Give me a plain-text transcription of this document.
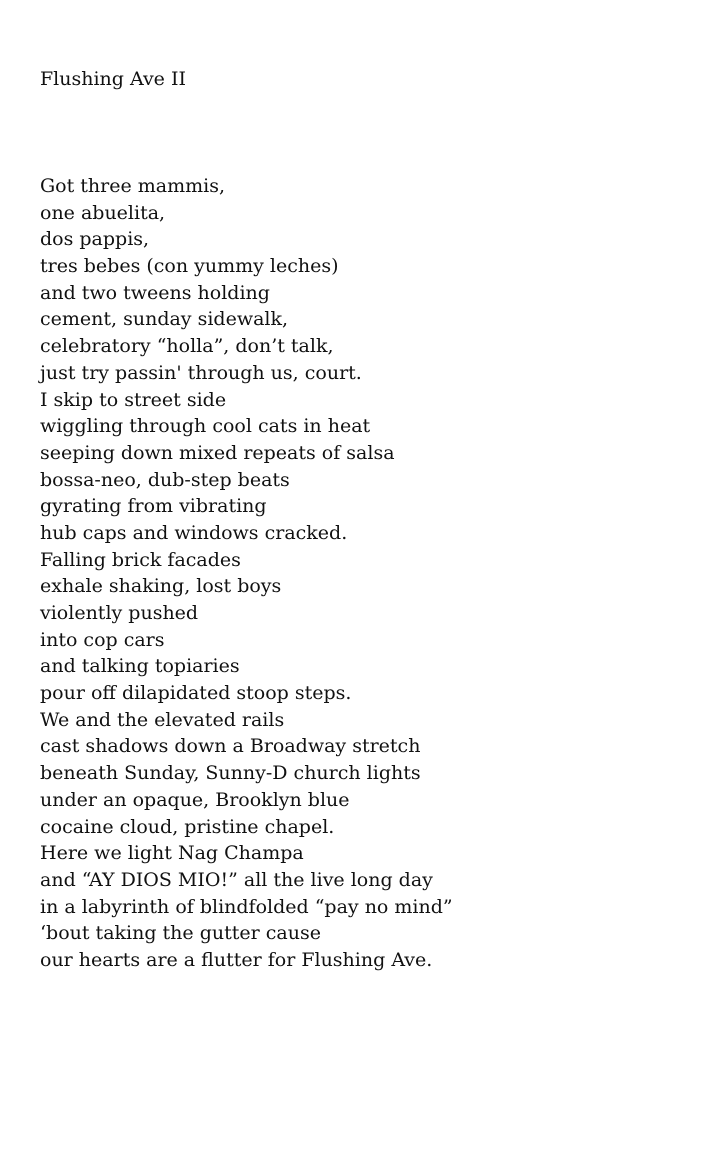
Flushing Ave II
Got three mammis,
one abuelita,
dos pappis,
tres bebes (con yummy leches)
and two tweens holding
cement, sunday sidewalk,
celebratory “holla”, don’t talk,
just try passin' through us, court.
I skip to street side
wiggling through cool cats in heat
seeping down mixed repeats of salsa
bossa-neo, dub-step beats
gyrating from vibrating
hub caps and windows cracked.
Falling brick facades
exhale shaking, lost boys
violently pushed
into cop cars
and talking topiaries
pour off dilapidated stoop steps.
We and the elevated rails
cast shadows down a Broadway stretch
beneath Sunday, Sunny-D church lights
under an opaque, Brooklyn blue
cocaine cloud, pristine chapel.
Here we light Nag Champa
and “AY DIOS MIO!” all the live long day
in a labyrinth of blindfolded “pay no mind”
‘bout taking the gutter cause
our hearts are a flutter for Flushing Ave.
